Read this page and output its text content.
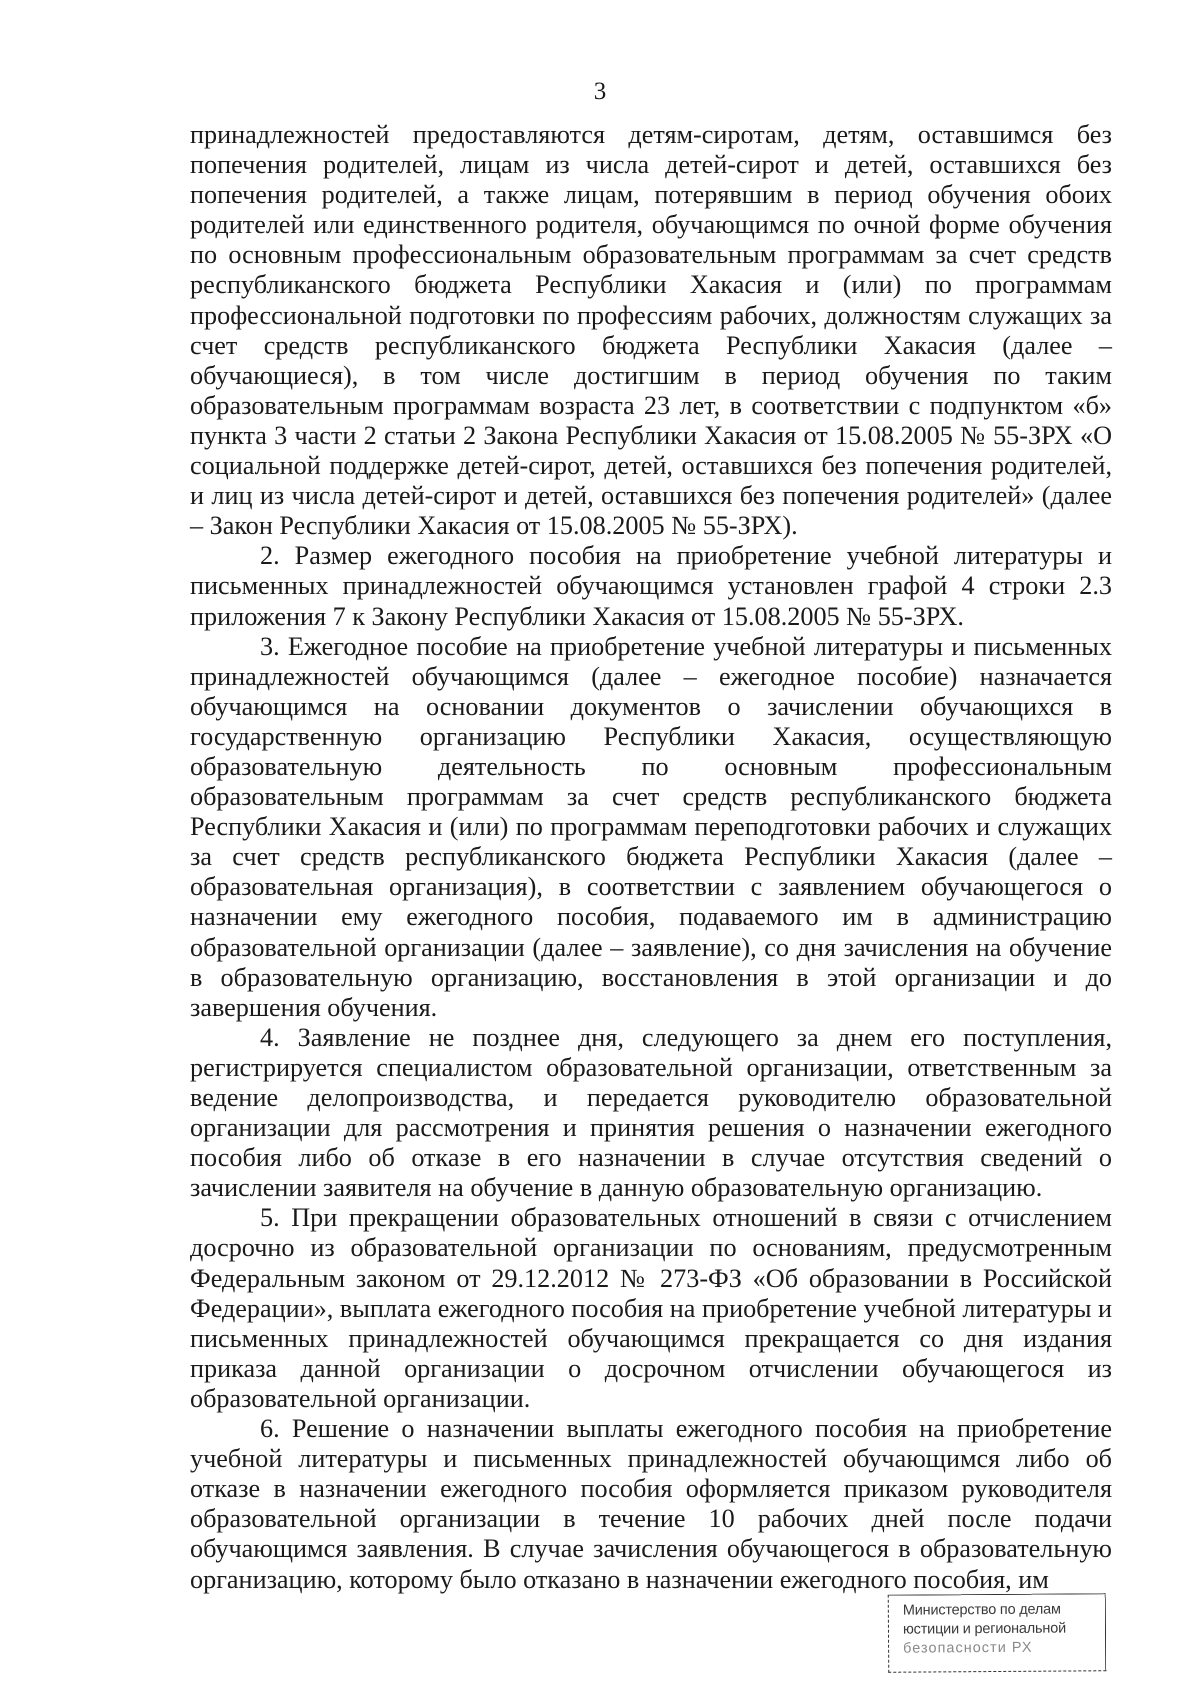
3

принадлежностей предоставляются детям-сиротам, детям, оставшимся без попечения родителей, лицам из числа детей-сирот и детей, оставшихся без попечения родителей, а также лицам, потерявшим в период обучения обоих родителей или единственного родителя, обучающимся по очной форме обучения по основным профессиональным образовательным программам за счет средств республиканского бюджета Республики Хакасия и (или) по программам профессиональной подготовки по профессиям рабочих, должностям служащих за счет средств республиканского бюджета Республики Хакасия (далее – обучающиеся), в том числе достигшим в период обучения по таким образовательным программам возраста 23 лет, в соответствии с подпунктом «б» пункта 3 части 2 статьи 2 Закона Республики Хакасия от 15.08.2005 № 55-ЗРХ «О социальной поддержке детей-сирот, детей, оставшихся без попечения родителей, и лиц из числа детей-сирот и детей, оставшихся без попечения родителей» (далее – Закон Республики Хакасия от 15.08.2005 № 55-ЗРХ).

2. Размер ежегодного пособия на приобретение учебной литературы и письменных принадлежностей обучающимся установлен графой 4 строки 2.3 приложения 7 к Закону Республики Хакасия от 15.08.2005 № 55-ЗРХ.

3. Ежегодное пособие на приобретение учебной литературы и письменных принадлежностей обучающимся (далее – ежегодное пособие) назначается обучающимся на основании документов о зачислении обучающихся в государственную организацию Республики Хакасия, осуществляющую образовательную деятельность по основным профессиональным образовательным программам за счет средств республиканского бюджета Республики Хакасия и (или) по программам переподготовки рабочих и служащих за счет средств республиканского бюджета Республики Хакасия (далее – образовательная организация), в соответствии с заявлением обучающегося о назначении ему ежегодного пособия, подаваемого им в администрацию образовательной организации (далее – заявление), со дня зачисления на обучение в образовательную организацию, восстановления в этой организации и до завершения обучения.

4. Заявление не позднее дня, следующего за днем его поступления, регистрируется специалистом образовательной организации, ответственным за ведение делопроизводства, и передается руководителю образовательной организации для рассмотрения и принятия решения о назначении ежегодного пособия либо об отказе в его назначении в случае отсутствия сведений о зачислении заявителя на обучение в данную образовательную организацию.

5. При прекращении образовательных отношений в связи с отчислением досрочно из образовательной организации по основаниям, предусмотренным Федеральным законом от 29.12.2012 № 273-ФЗ «Об образовании в Российской Федерации», выплата ежегодного пособия на приобретение учебной литературы и письменных принадлежностей обучающимся прекращается со дня издания приказа данной организации о досрочном отчислении обучающегося из образовательной организации.

6. Решение о назначении выплаты ежегодного пособия на приобретение учебной литературы и письменных принадлежностей обучающимся либо об отказе в назначении ежегодного пособия оформляется приказом руководителя образовательной организации в течение 10 рабочих дней после подачи обучающимся заявления. В случае зачисления обучающегося в образовательную организацию, которому было отказано в назначении ежегодного пособия, им

Министерство по делам
юстиции и региональной
безопасности РХ
